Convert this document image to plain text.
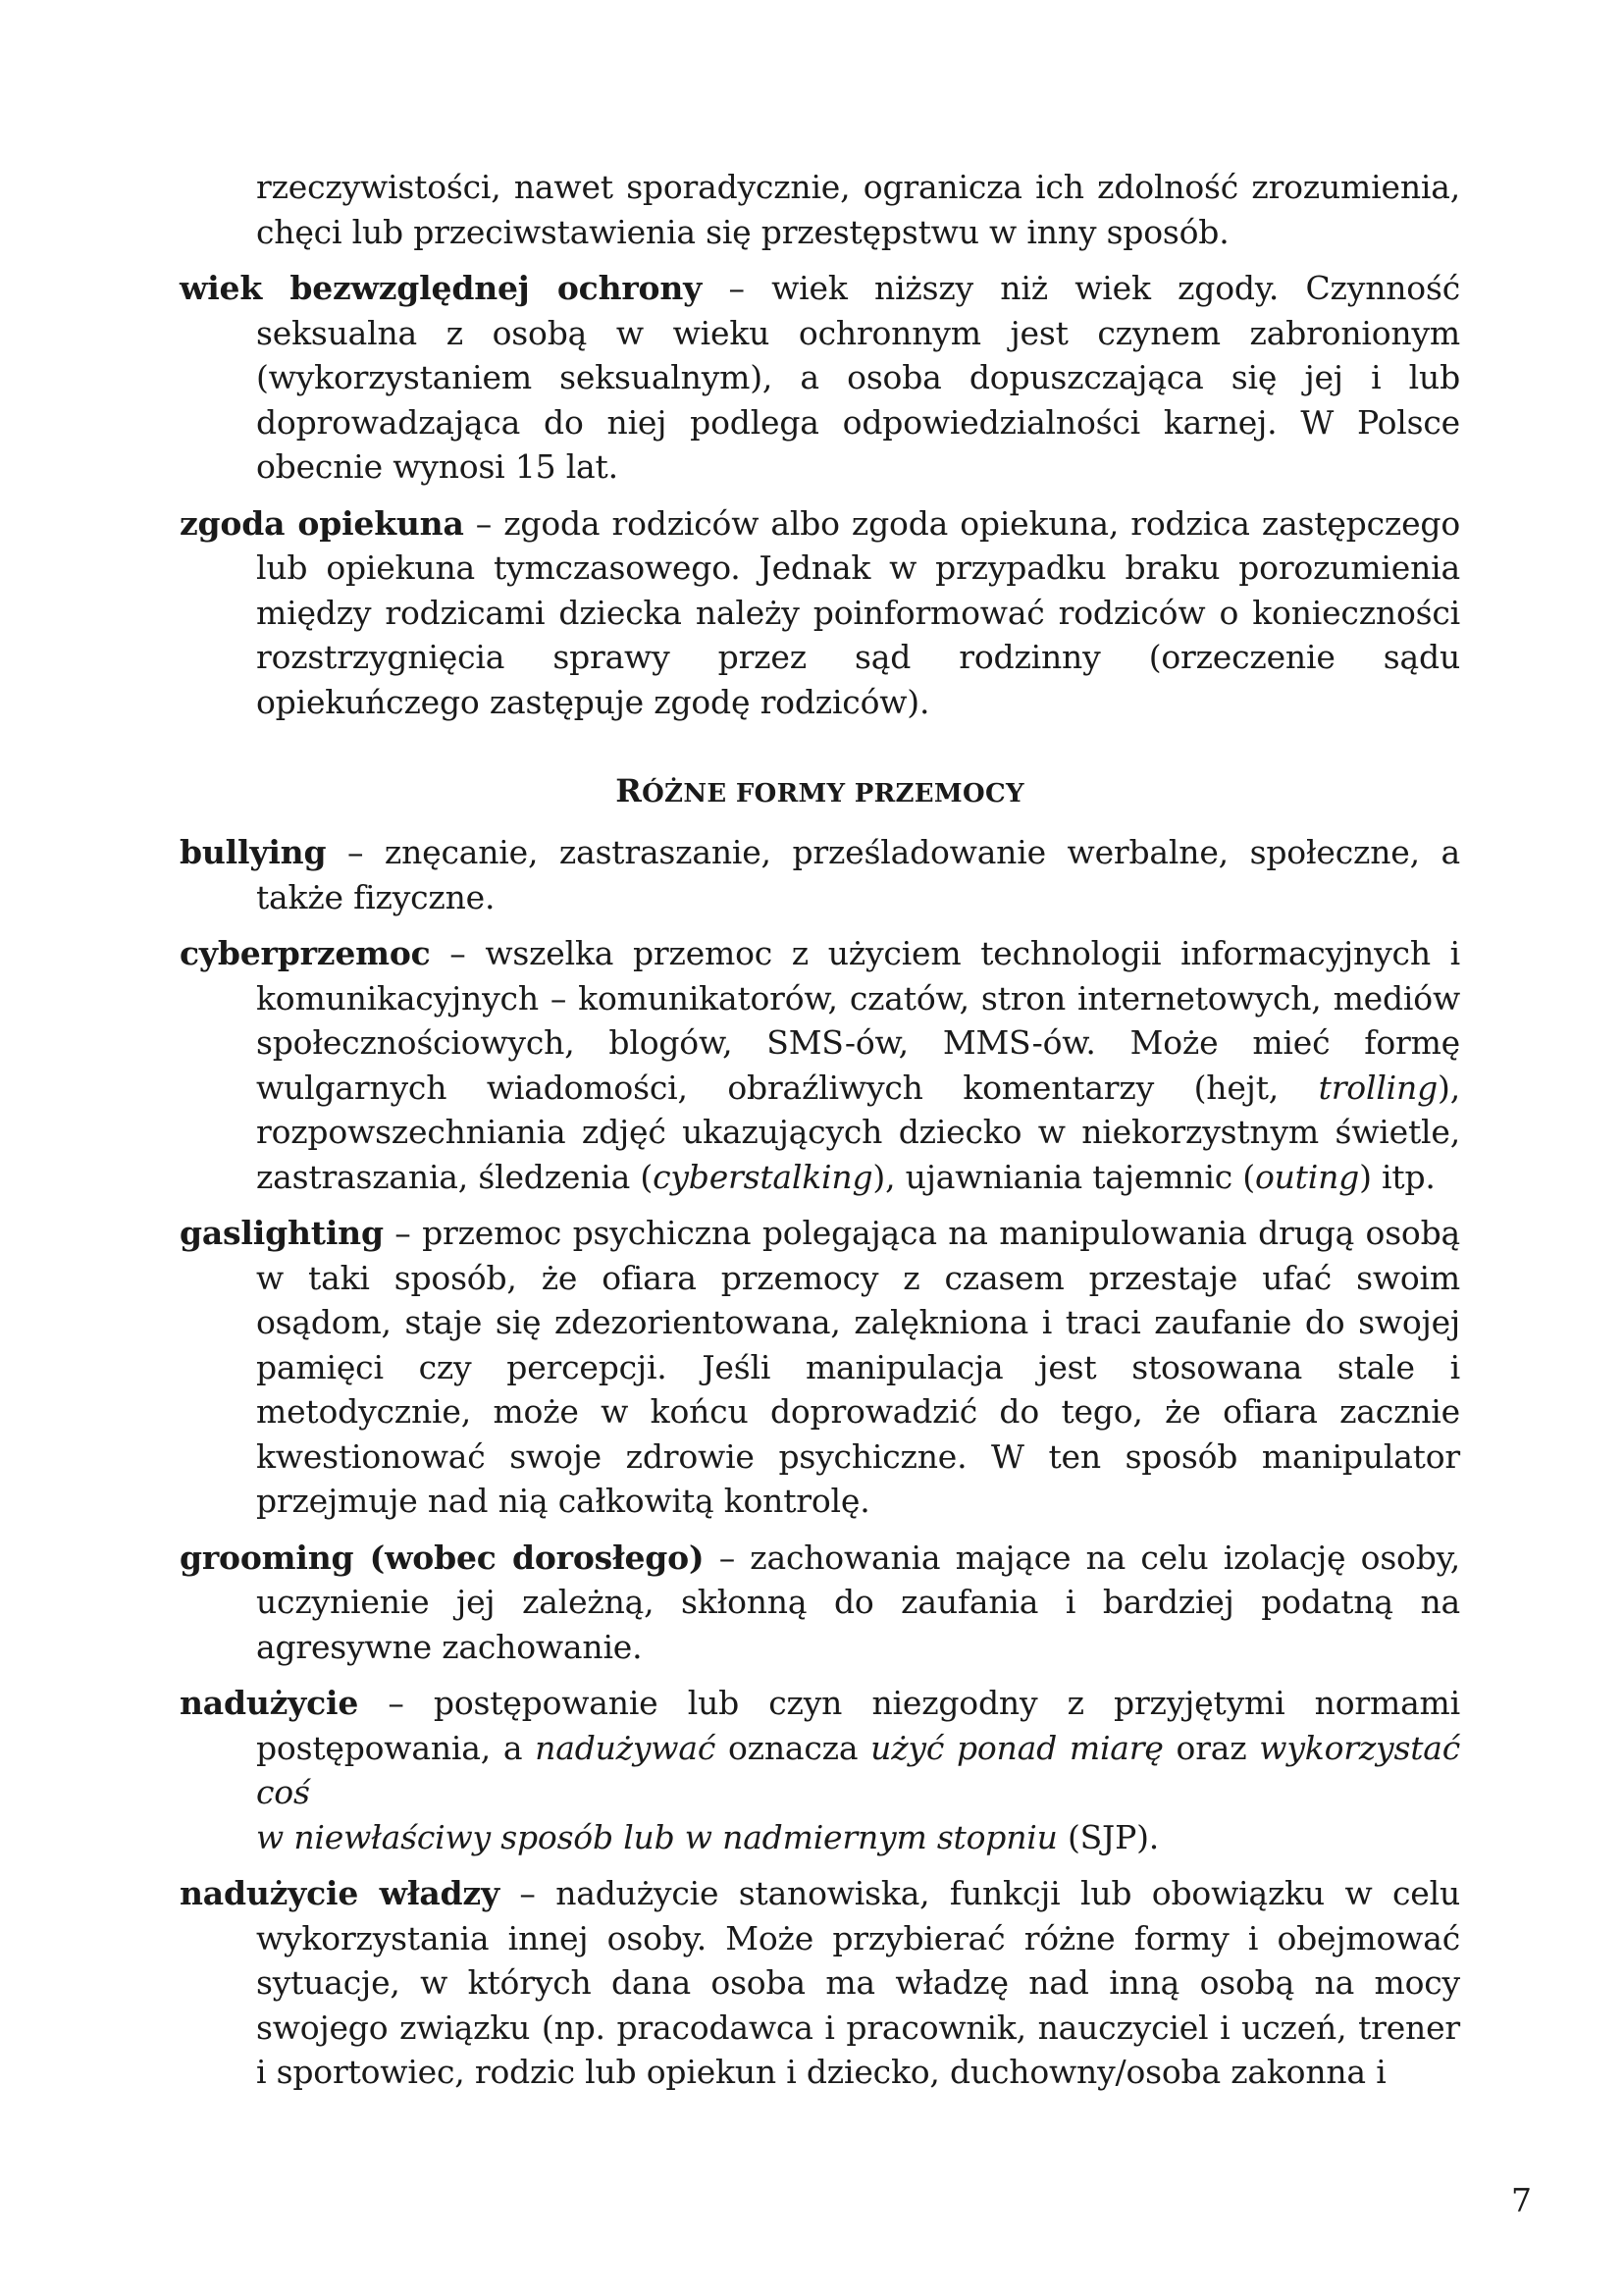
rzeczywistości, nawet sporadycznie, ogranicza ich zdolność zrozumienia, chęci lub przeciwstawienia się przestępstwu w inny sposób.

wiek bezwzględnej ochrony – wiek niższy niż wiek zgody. Czynność seksualna z osobą w wieku ochronnym jest czynem zabronionym (wykorzystaniem seksualnym), a osoba dopuszczająca się jej i lub doprowadzająca do niej podlega odpowiedzialności karnej. W Polsce obecnie wynosi 15 lat.

zgoda opiekuna – zgoda rodziców albo zgoda opiekuna, rodzica zastępczego lub opiekuna tymczasowego. Jednak w przypadku braku porozumienia między rodzicami dziecka należy poinformować rodziców o konieczności rozstrzygnięcia sprawy przez sąd rodzinny (orzeczenie sądu opiekuńczego zastępuje zgodę rodziców).

RÓŻNE FORMY PRZEMOCY

bullying – znęcanie, zastraszanie, prześladowanie werbalne, społeczne, a także fizyczne.

cyberprzemoc – wszelka przemoc z użyciem technologii informacyjnych i komunikacyjnych – komunikatorów, czatów, stron internetowych, mediów społecznościowych, blogów, SMS-ów, MMS-ów. Może mieć formę wulgarnych wiadomości, obraźliwych komentarzy (hejt, trolling), rozpowszechniania zdjęć ukazujących dziecko w niekorzystnym świetle, zastraszania, śledzenia (cyberstalking), ujawniania tajemnic (outing) itp.

gaslighting – przemoc psychiczna polegająca na manipulowania drugą osobą w taki sposób, że ofiara przemocy z czasem przestaje ufać swoim osądom, staje się zdezorientowana, zalękniona i traci zaufanie do swojej pamięci czy percepcji. Jeśli manipulacja jest stosowana stale i metodycznie, może w końcu doprowadzić do tego, że ofiara zacznie kwestionować swoje zdrowie psychiczne. W ten sposób manipulator przejmuje nad nią całkowitą kontrolę.

grooming (wobec dorosłego) – zachowania mające na celu izolację osoby, uczynienie jej zależną, skłonną do zaufania i bardziej podatną na agresywne zachowanie.

nadużycie – postępowanie lub czyn niezgodny z przyjętymi normami postępowania, a nadużywać oznacza użyć ponad miarę oraz wykorzystać coś
w niewłaściwy sposób lub w nadmiernym stopniu (SJP).

nadużycie władzy – nadużycie stanowiska, funkcji lub obowiązku w celu wykorzystania innej osoby. Może przybierać różne formy i obejmować sytuacje, w których dana osoba ma władzę nad inną osobą na mocy swojego związku (np. pracodawca i pracownik, nauczyciel i uczeń, trener i sportowiec, rodzic lub opiekun i dziecko, duchowny/osoba zakonna i

7
